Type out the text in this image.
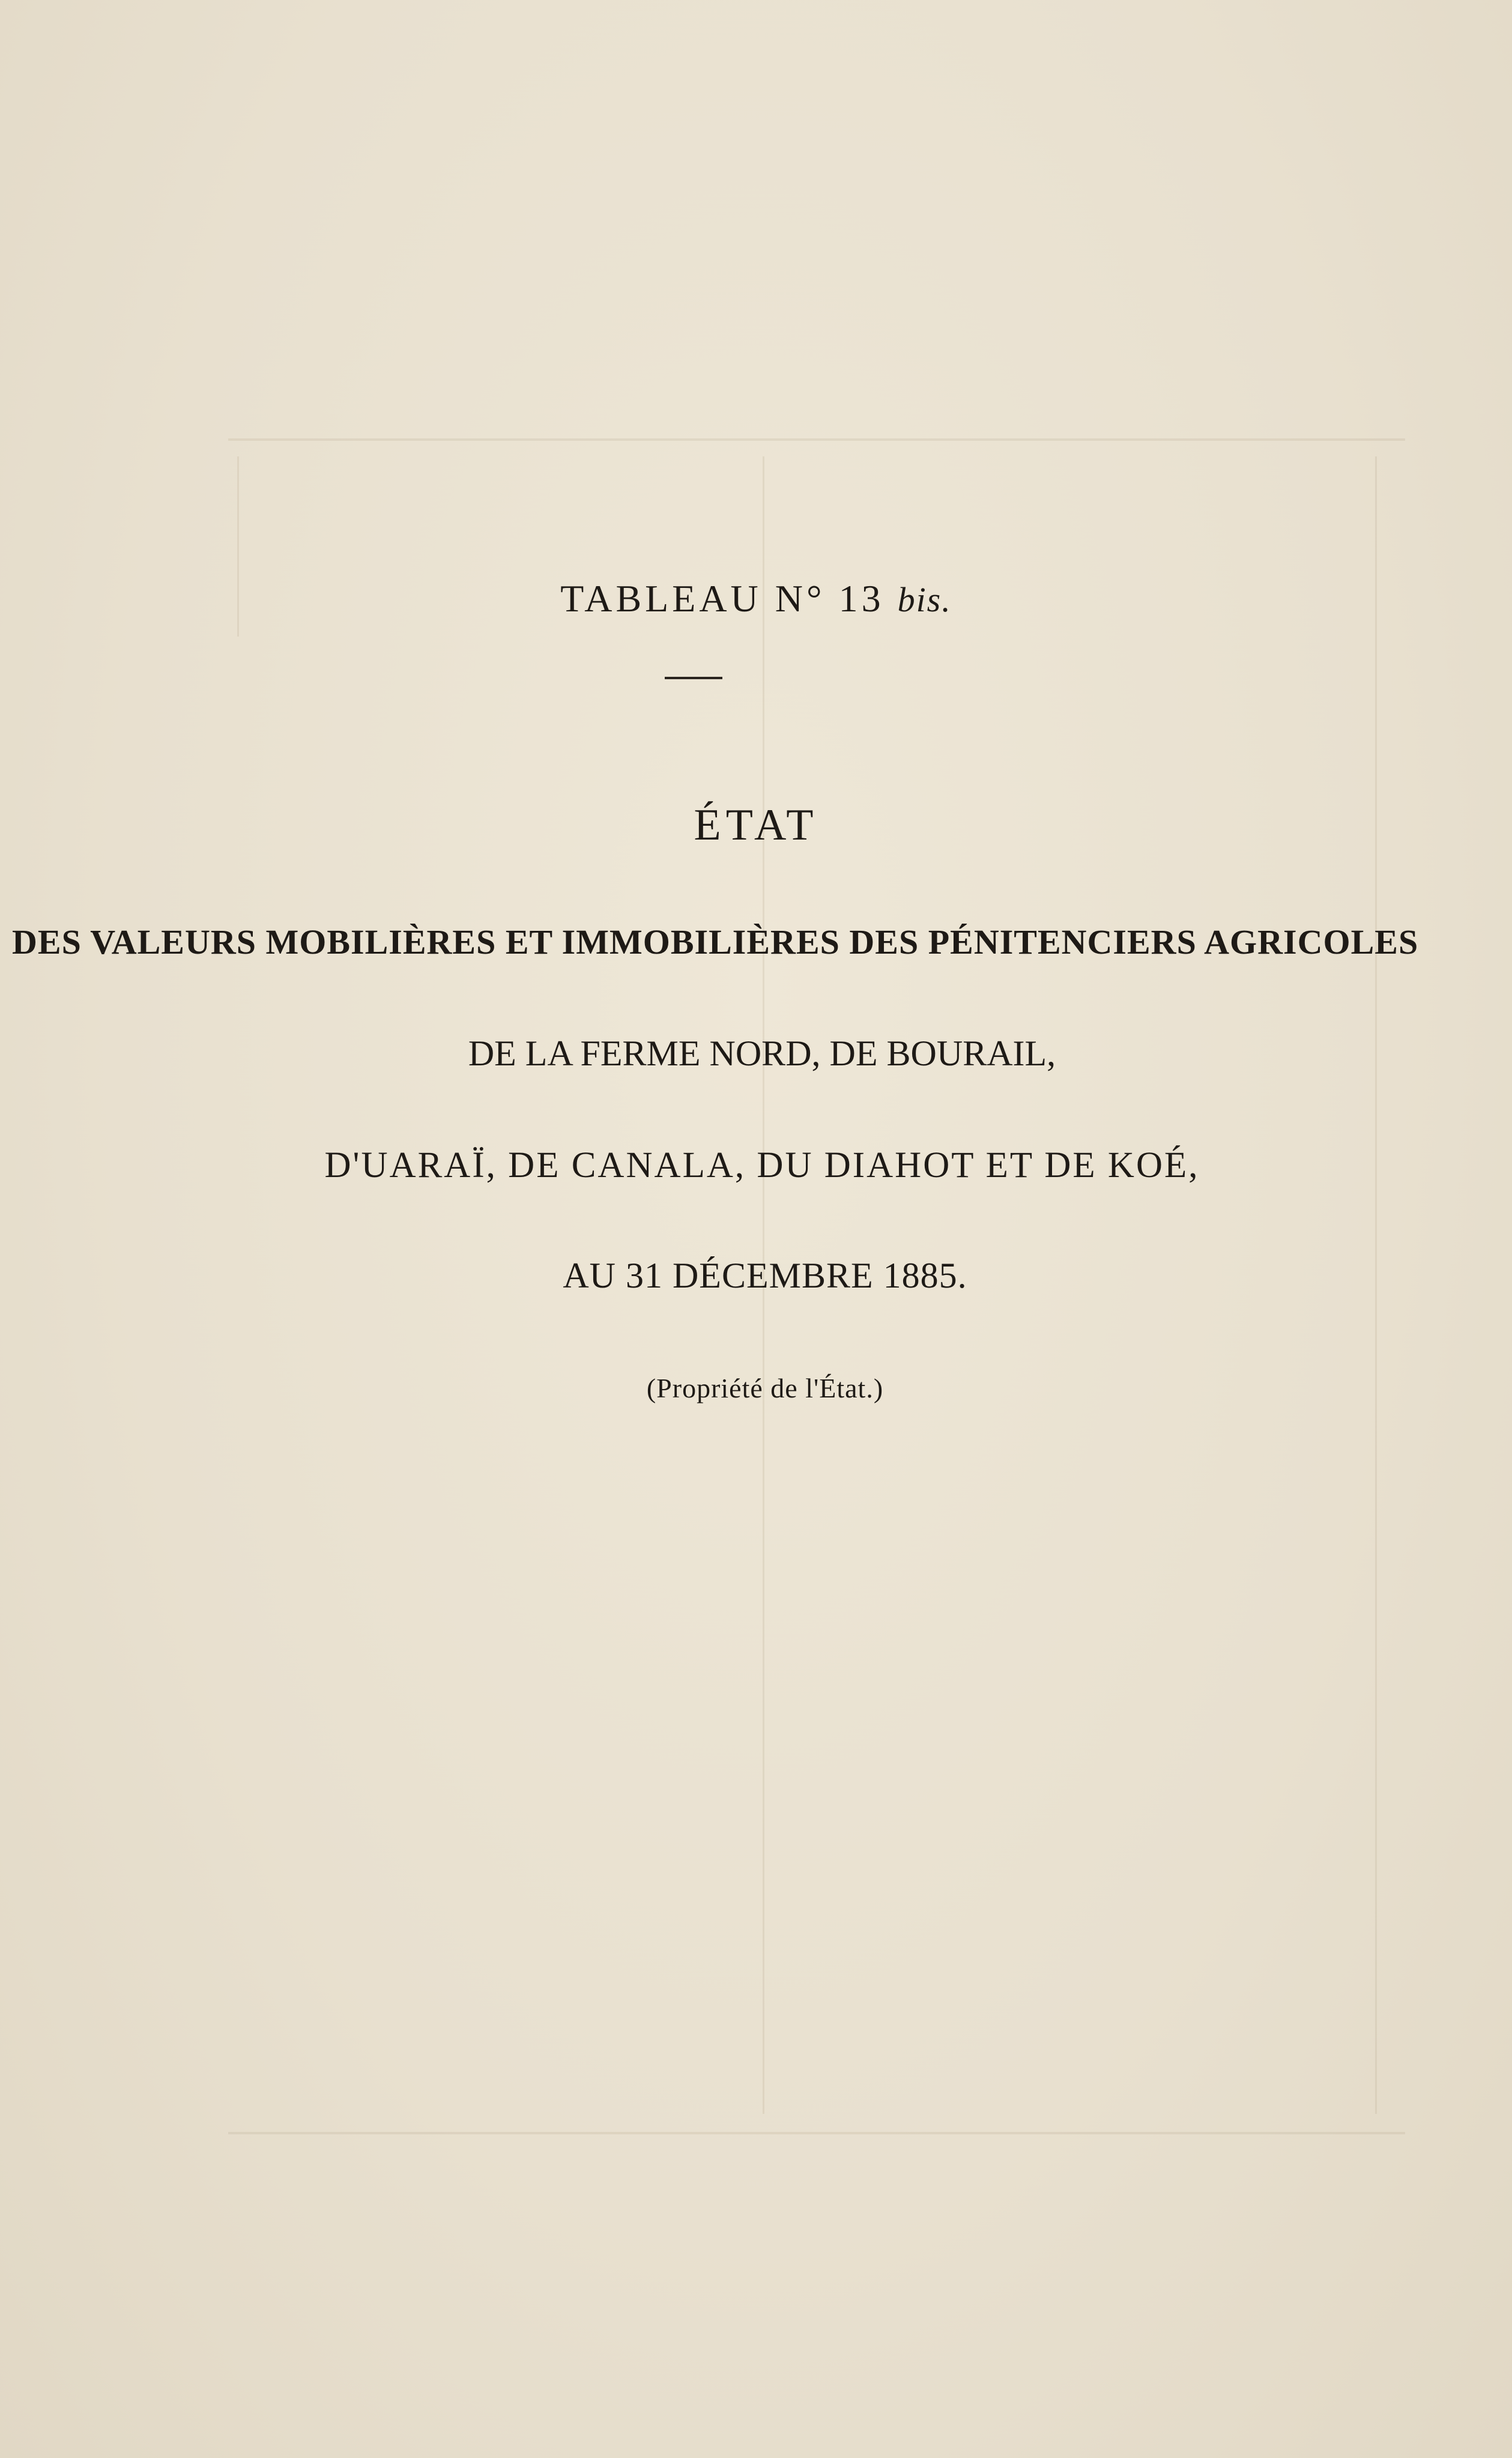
TABLEAU N° 13 bis.
ÉTAT
DES VALEURS MOBILIÈRES ET IMMOBILIÈRES DES PÉNITENCIERS AGRICOLES
DE LA FERME NORD, DE BOURAIL,
D'UARAÏ, DE CANALA, DU DIAHOT ET DE KOÉ,
AU 31 DÉCEMBRE 1885.
(Propriété de l'État.)
